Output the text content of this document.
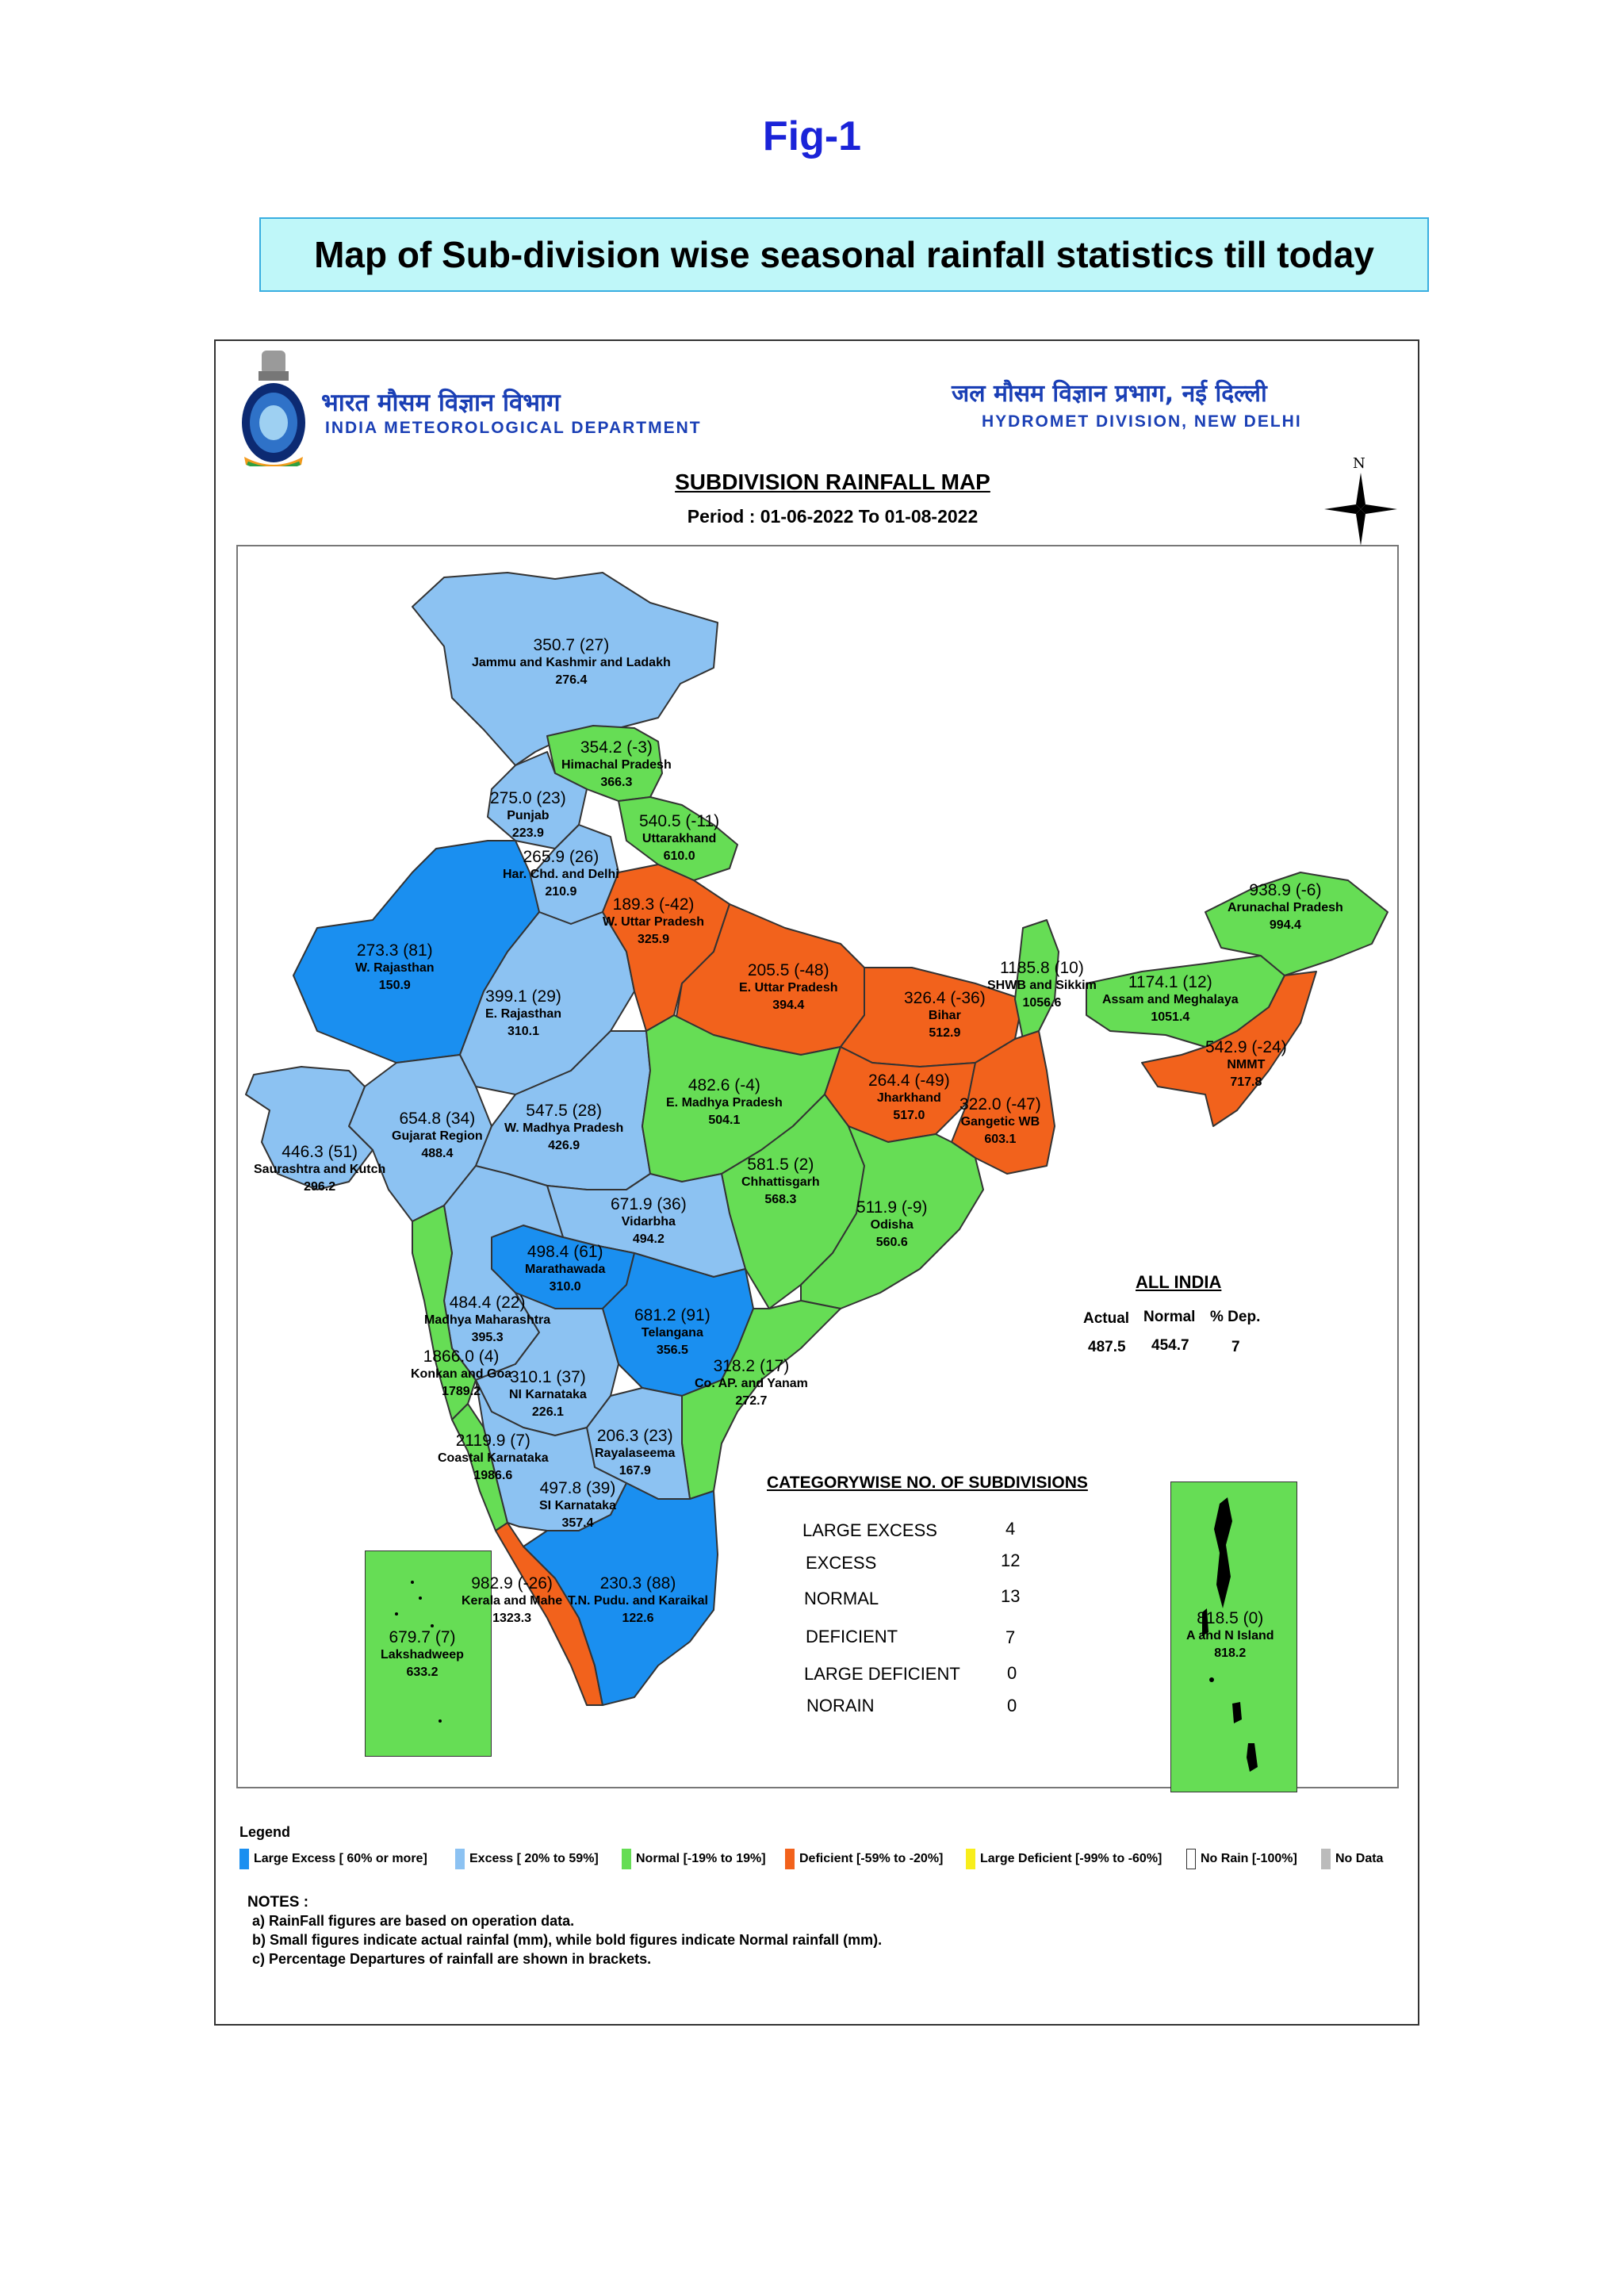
Fig-1
Map of Sub-division wise seasonal rainfall statistics till today
भारत मौसम विज्ञान विभाग
INDIA METEOROLOGICAL DEPARTMENT
जल मौसम विज्ञान प्रभाग, नई दिल्ली
HYDROMET DIVISION, NEW DELHI
N
SUBDIVISION RAINFALL MAP
Period : 01-06-2022 To 01-08-2022
350.7 (27)
Jammu and Kashmir and Ladakh
276.4
354.2 (-3)
Himachal Pradesh
366.3
275.0 (23)
Punjab
223.9
540.5 (-11)
Uttarakhand
610.0
265.9 (26)
Har. Chd. and Delhi
210.9
189.3 (-42)
W. Uttar Pradesh
325.9
273.3 (81)
W. Rajasthan
150.9
399.1 (29)
E. Rajasthan
310.1
205.5 (-48)
E. Uttar Pradesh
394.4	326.4 (-36)
Bihar
512.9
1185.8 (10)
SHWB and Sikkim
1056.6
1174.1 (12)
Assam and Meghalaya
1051.4
938.9 (-6)
Arunachal Pradesh
994.4
542.9 (-24)
NMMT
717.8
482.6 (-4)
E. Madhya Pradesh
504.1
264.4 (-49)
Jharkhand
517.0
322.0 (-47)
Gangetic WB
603.1
654.8 (34)
Gujarat Region
488.4
547.5 (28)
W. Madhya Pradesh
426.9
446.3 (51)
Saurashtra and Kutch
296.2
581.5 (2)
Chhattisgarh
568.3
671.9 (36)
Vidarbha
494.2
511.9 (-9)
Odisha
560.6
498.4 (61)
Marathawada
310.0
484.4 (22)
Madhya Maharashtra
395.3
681.2 (91)
Telangana
356.5
1866.0 (4)
Konkan and Goa
1789.2
310.1 (37)
NI Karnataka
226.1
318.2 (17)
Co. AP. and Yanam
272.7
2119.9 (7)
Coastal Karnataka
1986.6
206.3 (23)
Rayalaseema
167.9
497.8 (39)
SI Karnataka
357.4
982.9 (-26)
Kerala and Mahe
1323.3
230.3 (88)
T.N. Pudu. and Karaikal
122.6
679.7 (7)
Lakshadweep
633.2
818.5 (0)
A and N Island
818.2
ALL INDIA
Actual Normal % Dep.
487.5 454.7	7
CATEGORYWISE NO. OF SUBDIVISIONS
LARGE EXCESS	4
EXCESS	12
NORMAL	13
DEFICIENT	7
LARGE DEFICIENT	0
NORAIN	0
Legend
Large Excess [ 60% or more]	Excess [ 20% to 59%]	Normal [-19% to 19%]	Deficient [-59% to -20%]	Large Deficient [-99% to -60%]	No Rain [-100%]	No Data
NOTES :
a) RainFall figures are based on operation data.
b) Small figures indicate actual rainfal (mm), while bold figures indicate Normal rainfall (mm).
c) Percentage Departures of rainfall are shown in brackets.
